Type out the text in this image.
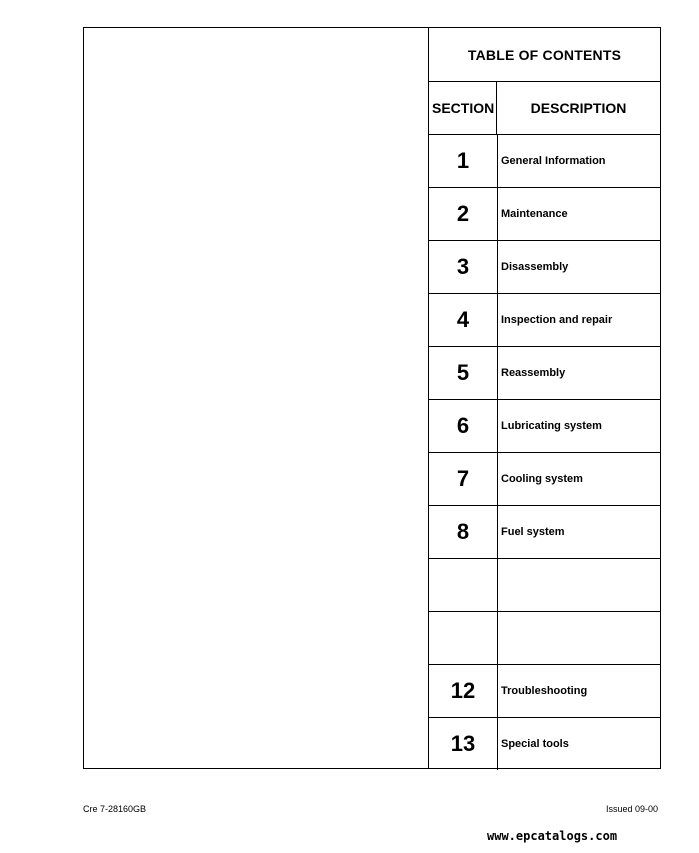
TABLE OF CONTENTS
SECTION	DESCRIPTION
1	General Information
2	Maintenance
3	Disassembly
4	Inspection and repair
5	Reassembly
6	Lubricating system
7	Cooling system
8	Fuel system
12	Troubleshooting
13	Special tools
Cre 7-28160GB	Issued 09-00
www.epcatalogs.com
